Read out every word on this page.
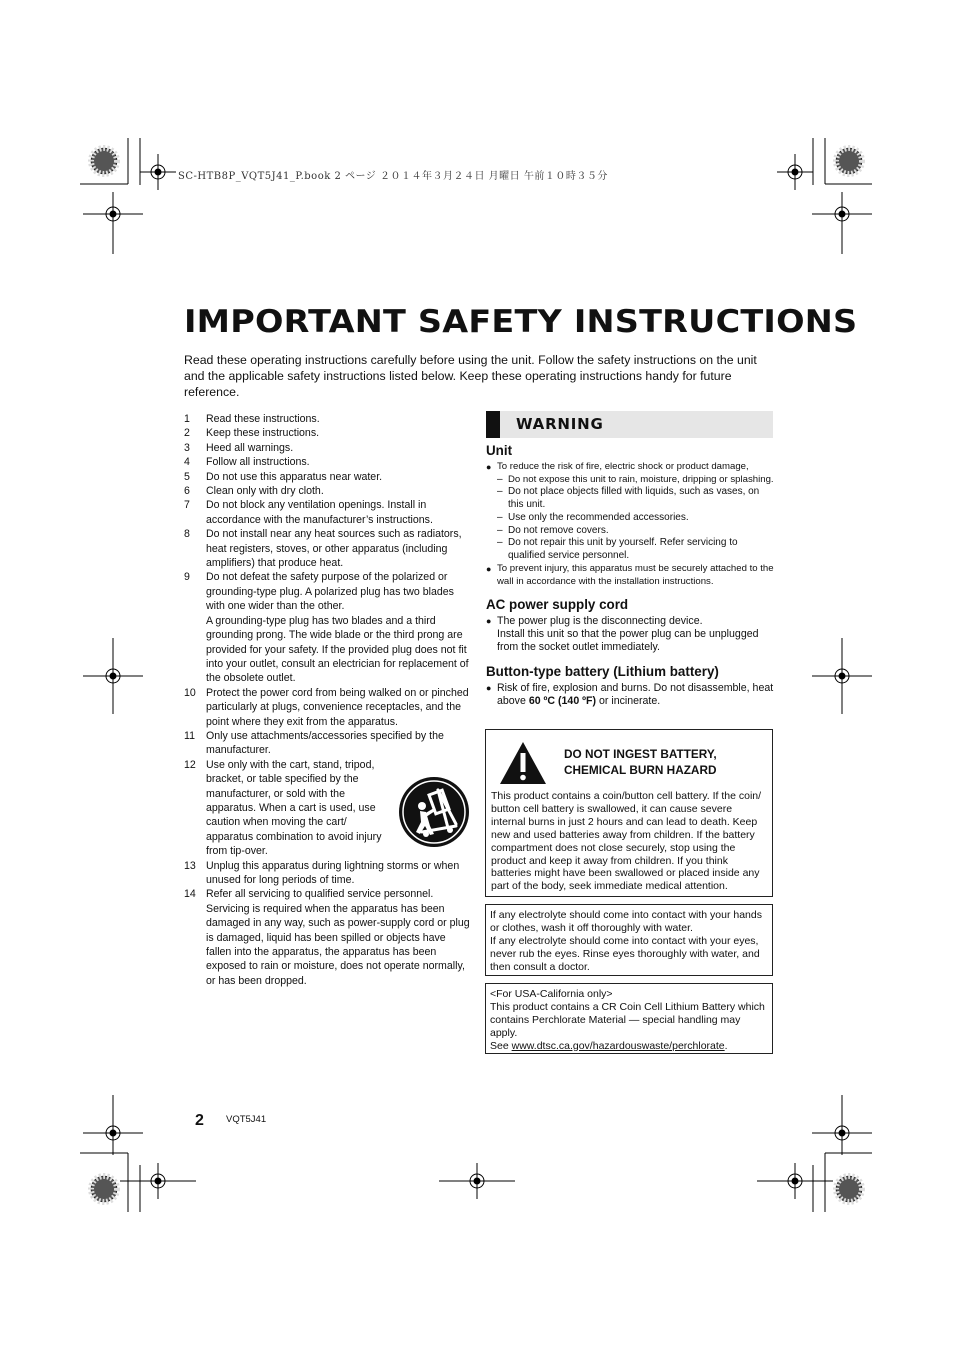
SC-HTB8P_VQT5J41_P.book 2 ページ ２０１４年３月２４日 月曜日 午前１０時３５分
IMPORTANT SAFETY INSTRUCTIONS

Read these operating instructions carefully before using the unit. Follow the safety instructions on the unit and the applicable safety instructions listed below. Keep these operating instructions handy for future reference.

1	Read these instructions.

2	Keep these instructions.

3	Heed all warnings.

4	Follow all instructions.

5	Do not use this apparatus near water.

6	Clean only with dry cloth.

7	Do not block any ventilation openings. Install in accordance with the manufacturer’s instructions.

8	Do not install near any heat sources such as radiators, heat registers, stoves, or other apparatus (including amplifiers) that produce heat.

9	Do not defeat the safety purpose of the polarized or grounding-type plug. A polarized plug has two blades with one wider than the other.

A grounding-type plug has two blades and a third grounding prong. The wide blade or the third prong are provided for your safety. If the provided plug does not fit into your outlet, consult an electrician for replacement of the obsolete outlet.

10 Protect the power cord from being walked on or pinched particularly at plugs, convenience receptacles, and the point where they exit from the apparatus.

11	Only use attachments/accessories specified by the manufacturer.

12 Use only with the cart, stand, tripod, bracket, or table specified by the manufacturer, or sold with the apparatus. When a cart is used, use caution when moving the cart/ apparatus combination to avoid injury from tip-over.

13 Unplug this apparatus during lightning storms or when unused for long periods of time.

14 Refer all servicing to qualified service personnel. Servicing is required when the apparatus has been damaged in any way, such as power-supply cord or plug is damaged, liquid has been spilled or objects have fallen into the apparatus, the apparatus has been exposed to rain or moisture, does not operate normally, or has been dropped.

WARNING

Unit

● To reduce the risk of fire, electric shock or product damage,
– Do not expose this unit to rain, moisture, dripping or splashing.
– Do not place objects filled with liquids, such as vases, on this unit.
– Use only the recommended accessories.
– Do not remove covers.
– Do not repair this unit by yourself. Refer servicing to qualified service personnel.
● To prevent injury, this apparatus must be securely attached to the wall in accordance with the installation instructions.

AC power supply cord

● The power plug is the disconnecting device.
Install this unit so that the power plug can be unplugged from the socket outlet immediately.

Button-type battery (Lithium battery)

● Risk of fire, explosion and burns. Do not disassemble, heat above 60 ºC (140 ºF) or incinerate.
DO NOT INGEST BATTERY,
CHEMICAL BURN HAZARD
This product contains a coin/button cell battery. If the coin/ button cell battery is swallowed, it can cause severe internal burns in just 2 hours and can lead to death. Keep new and used batteries away from children. If the battery compartment does not close securely, stop using the product and keep it away from children. If you think batteries might have been swallowed or placed inside any part of the body, seek immediate medical attention.
If any electrolyte should come into contact with your hands or clothes, wash it off thoroughly with water.
If any electrolyte should come into contact with your eyes, never rub the eyes. Rinse eyes thoroughly with water, and then consult a doctor.
<For USA-California only>
This product contains a CR Coin Cell Lithium Battery which contains Perchlorate Material — special handling may apply.
See www.dtsc.ca.gov/hazardouswaste/perchlorate.
2 VQT5J41
